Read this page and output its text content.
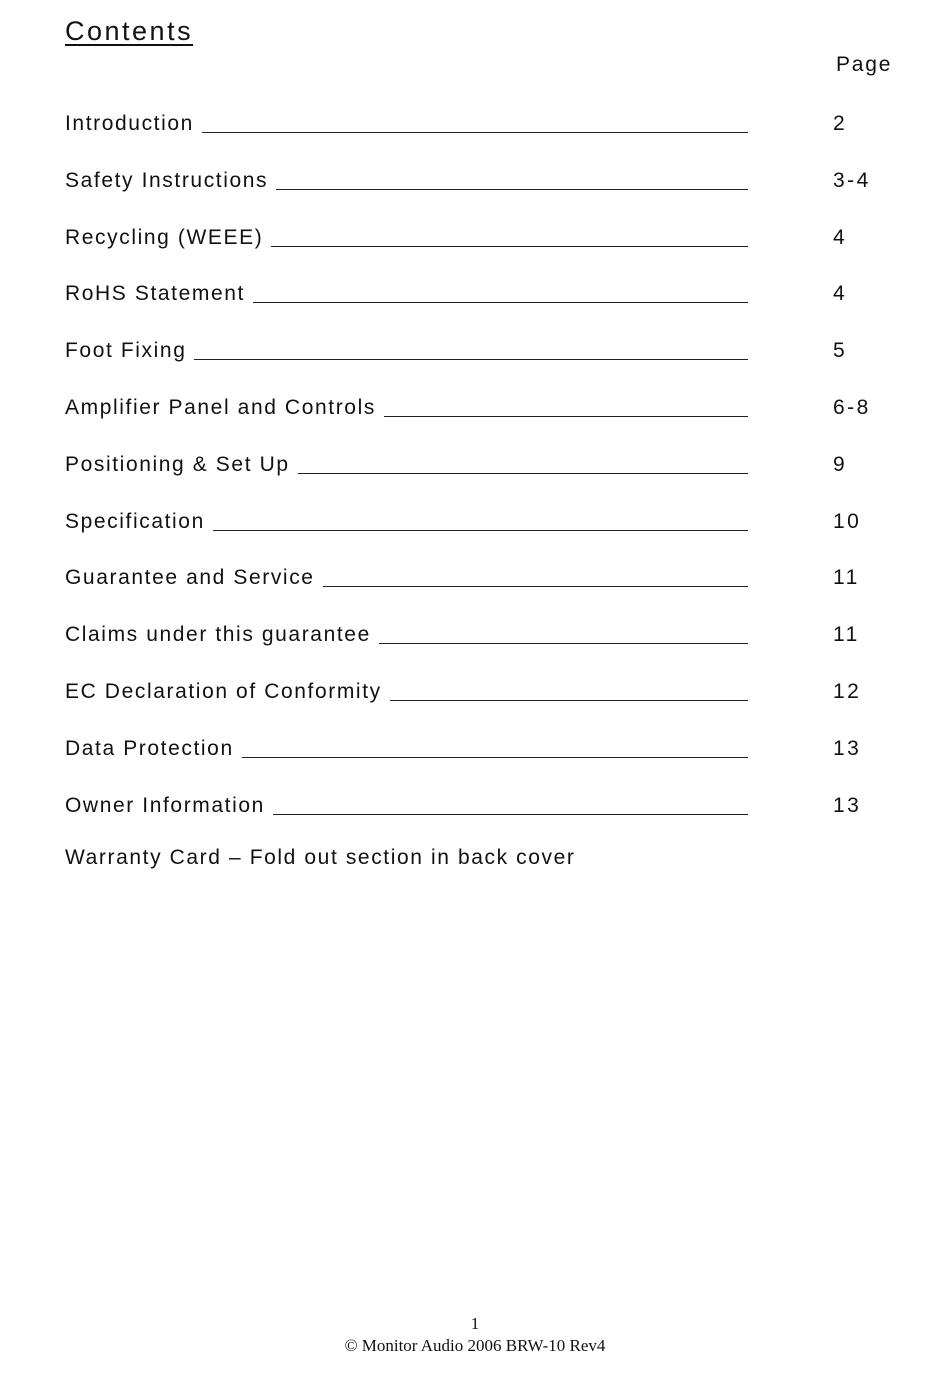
Contents
Page
Introduction	2
Safety Instructions	3-4
Recycling (WEEE)	4
RoHS Statement	4
Foot Fixing	5
Amplifier Panel and Controls	6-8
Positioning & Set Up	9
Specification	10
Guarantee and Service	11
Claims under this guarantee	11
EC Declaration of Conformity	12
Data Protection	13
Owner Information	13
Warranty Card – Fold out section in back cover
1
© Monitor Audio 2006 BRW-10 Rev4
